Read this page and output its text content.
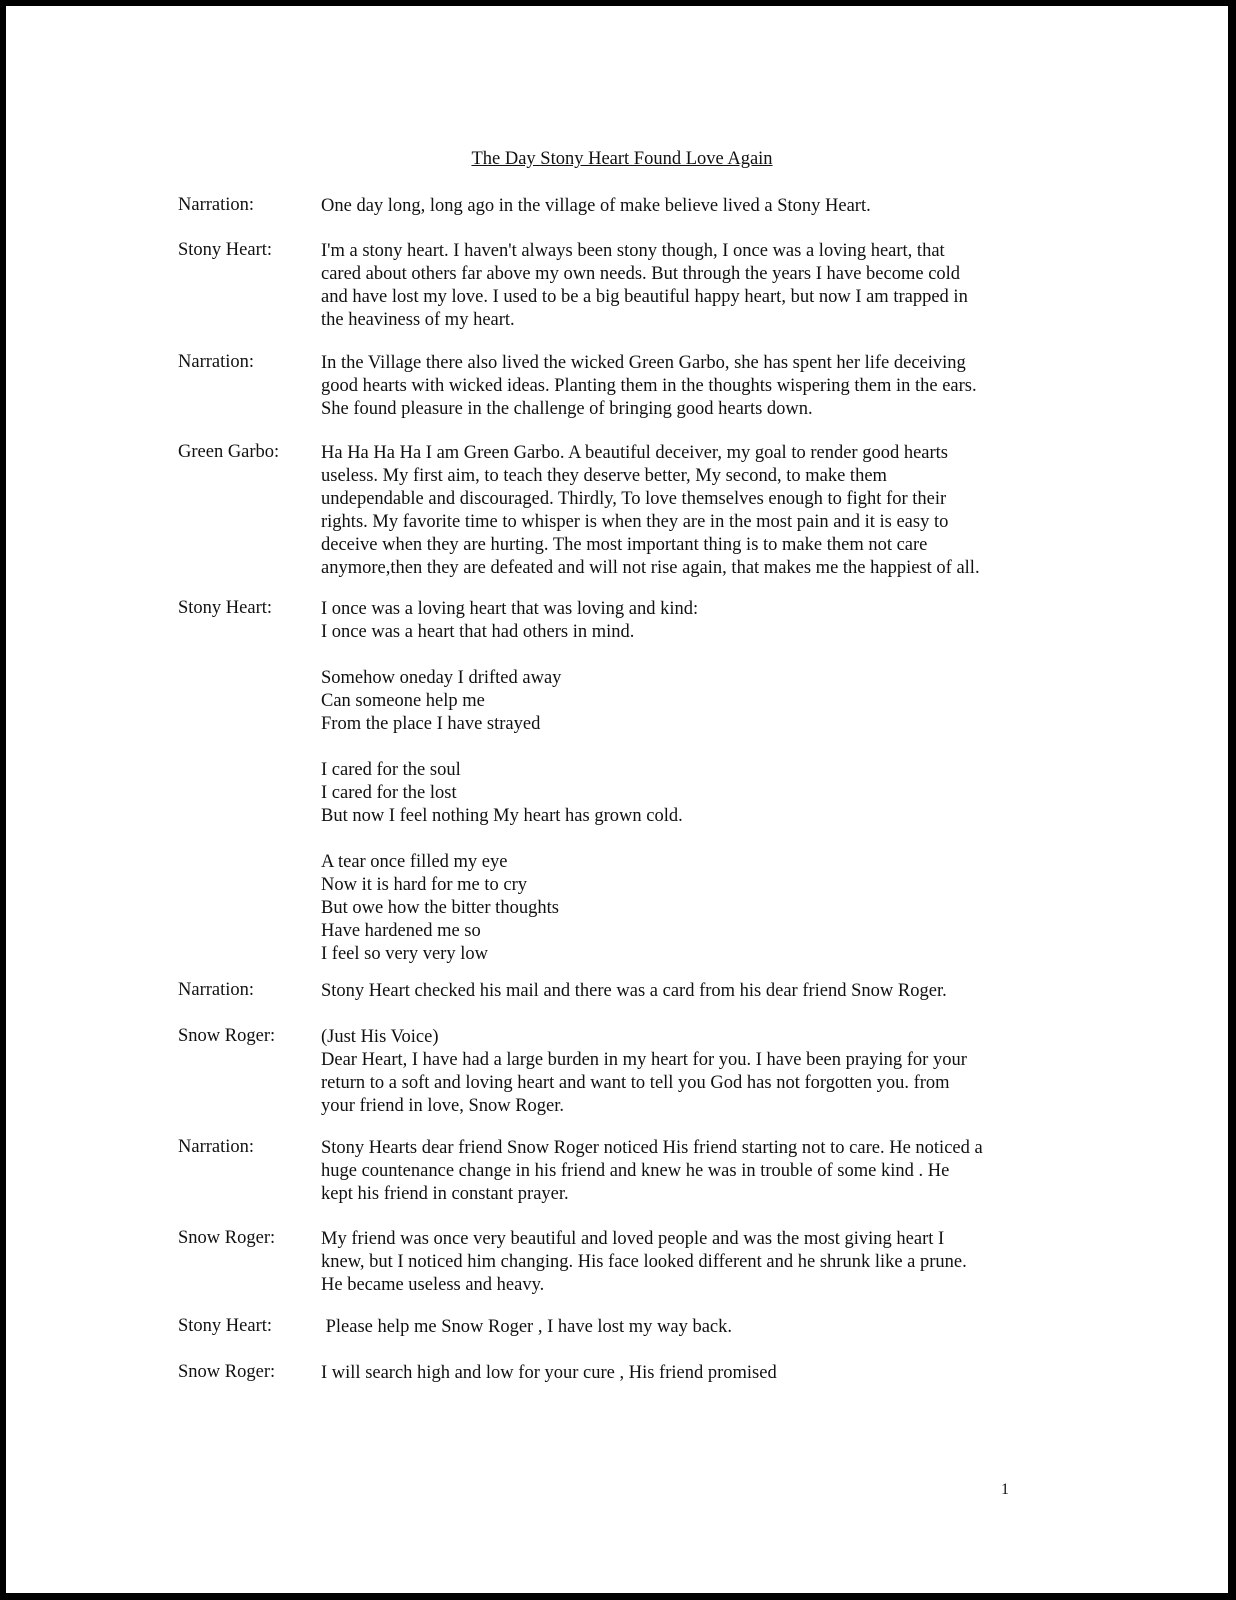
The Day Stony Heart Found Love Again
Narration:	One day long, long ago in the village of make believe lived a Stony Heart.

Stony Heart:	I'm a stony heart. I haven't always been stony though, I once was a loving heart, that

cared about others far above my own needs. But through the years I have become cold

and have lost my love. I used to be a big beautiful happy heart, but now I am trapped in

the heaviness of my heart.

Narration:	In the Village there also lived the wicked Green Garbo, she has spent her life deceiving

good hearts with wicked ideas. Planting them in the thoughts wispering them in the ears.

She found pleasure in the challenge of bringing good hearts down.

Green Garbo: Ha Ha Ha Ha I am Green Garbo. A beautiful deceiver, my goal to render good hearts

useless. My first aim, to teach they deserve better, My second, to make them

undependable and discouraged. Thirdly, To love themselves enough to fight for their

rights. My favorite time to whisper is when they are in the most pain and it is easy to

deceive when they are hurting. The most important thing is to make them not care

anymore,then they are defeated and will not rise again, that makes me the happiest of all.

Stony Heart:	I once was a loving heart that was loving and kind:

I once was a heart that had others in mind.

Somehow oneday I drifted away

Can someone help me

From the place I have strayed

I cared for the soul

I cared for the lost

But now I feel nothing My heart has grown cold.

A tear once filled my eye

Now it is hard for me to cry

But owe how the bitter thoughts

Have hardened me so

I feel so very very low

Narration:	Stony Heart checked his mail and there was a card from his dear friend Snow Roger.

Snow Roger: (Just His Voice)

Dear Heart, I have had a large burden in my heart for you. I have been praying for your

return to a soft and loving heart and want to tell you God has not forgotten you. from

your friend in love, Snow Roger.

Narration:	Stony Hearts dear friend Snow Roger noticed His friend starting not to care. He noticed a

huge countenance change in his friend and knew he was in trouble of some kind . He

kept his friend in constant prayer.

Snow Roger: My friend was once very beautiful and loved people and was the most giving heart I

knew, but I noticed him changing. His face looked different and he shrunk like a prune.

He became useless and heavy.

Stony Heart:	Please help me Snow Roger , I have lost my way back.

Snow Roger: I will search high and low for your cure , His friend promised

1
